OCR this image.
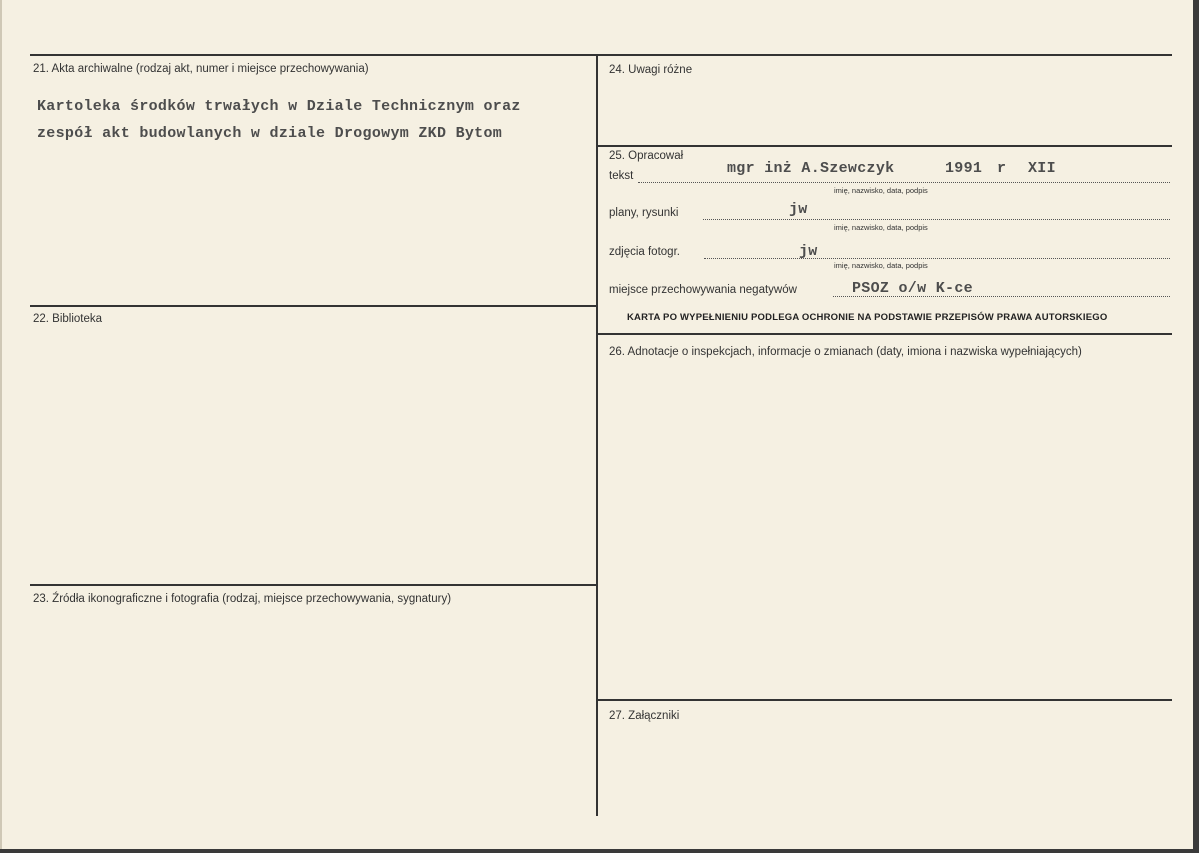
21. Akta archiwalne (rodzaj akt, numer i miejsce przechowywania)
Kartoleka środków trwałych w Dziale Technicznym oraz
zespół akt budowlanych w dziale Drogowym ZKD Bytom
22. Biblioteka
23. Źródła ikonograficzne i fotografia (rodzaj, miejsce przechowywania, sygnatury)
24. Uwagi różne
25. Opracował
tekst	mgr inż A.Szewczyk	1991 r XII
imię, nazwisko, data, podpis
plany, rysunki	jw
imię, nazwisko, data, podpis
zdjęcia fotogr.	jw
imię, nazwisko, data, podpis
miejsce przechowywania negatywów	PSOZ o/w K-ce
KARTA PO WYPEŁNIENIU PODLEGA OCHRONIE NA PODSTAWIE PRZEPISÓW PRAWA AUTORSKIEGO
26. Adnotacje o inspekcjach, informacje o zmianach (daty, imiona i nazwiska wypełniających)
27. Załączniki
